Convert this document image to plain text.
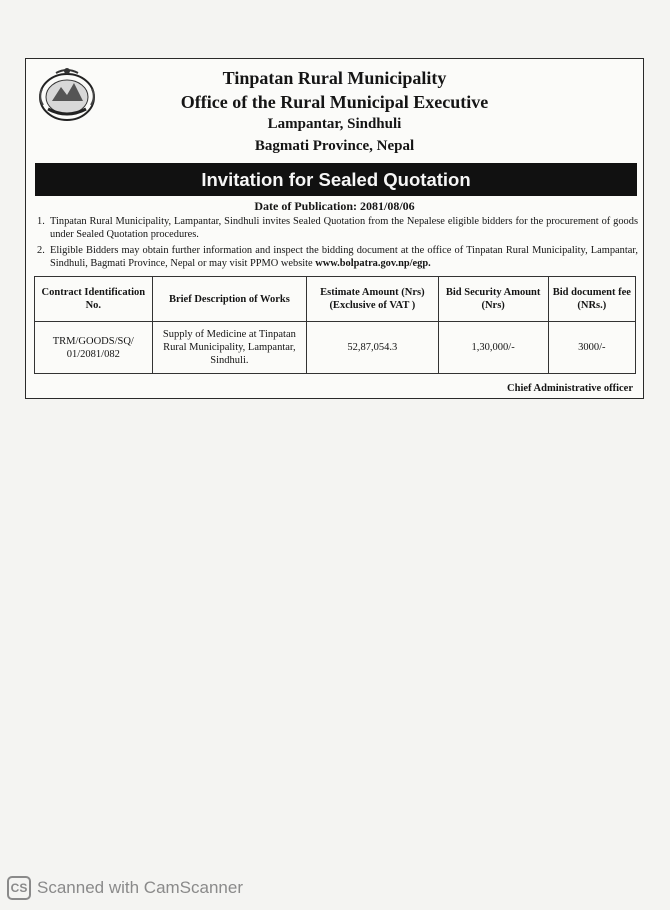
Tinpatan Rural Municipality
Office of the Rural Municipal Executive
Lampantar, Sindhuli
Bagmati Province, Nepal
Invitation for Sealed Quotation
Date of Publication: 2081/08/06
1. Tinpatan Rural Municipality, Lampantar, Sindhuli invites Sealed Quotation from the Nepalese eligible bidders for the procurement of goods under Sealed Quotation procedures.
2. Eligible Bidders may obtain further information and inspect the bidding document at the office of Tinpatan Rural Municipality, Lampantar, Sindhuli, Bagmati Province, Nepal or may visit PPMO website www.bolpatra.gov.np/egp.
Contract Identification No.	Brief Description of Works	Estimate Amount (Nrs) (Exclusive of VAT )	Bid Security Amount (Nrs)	Bid document fee (NRs.)
TRM/GOODS/SQ/ 01/2081/082	Supply of Medicine at Tinpatan Rural Municipality, Lampantar, Sindhuli.	52,87,054.3	1,30,000/-	3000/-
Chief Administrative officer
CS Scanned with CamScanner
